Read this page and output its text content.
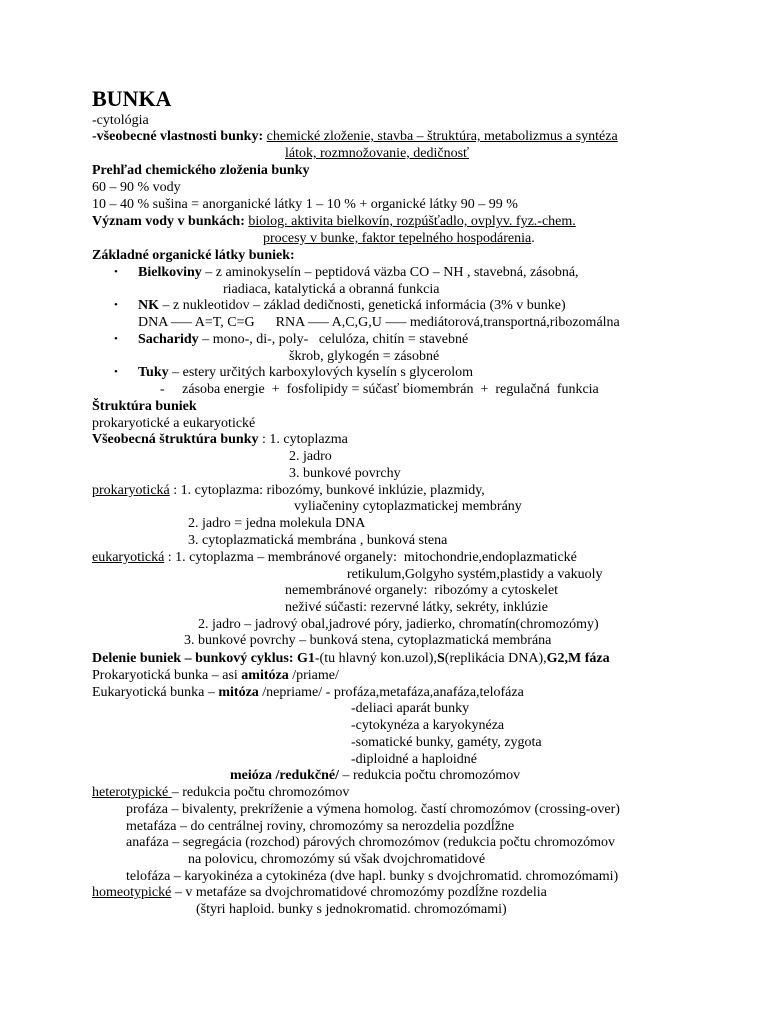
BUNKA
-cytológia
-všeobecné vlastnosti bunky: chemické zloženie, stavba – štruktúra, metabolizmus a syntéza
látok, rozmnožovanie, dedičnosť
Prehľad chemického zloženia bunky
60 – 90 % vody
10 – 40 % sušina = anorganické látky 1 – 10 % + organické látky 90 – 99 %
Význam vody v bunkách: biolog. aktivita bielkovín, rozpúšťadlo, ovplyv. fyz.-chem.
procesy v bunke, faktor tepelného hospodárenia.
Základné organické látky buniek:
• Bielkoviny – z aminokyselín – peptidová väzba CO – NH , stavebná, zásobná,
riadiaca, katalytická a obranná funkcia
• NK – z nukleotidov – základ dedičnosti, genetická informácia (3% v bunke)
DNA ––– A=T, C=G      RNA ––– A,C,G,U ––– mediátorová,transportná,ribozomálna
• Sacharidy – mono-, di-, poly-   celulóza, chitín = stavebné
škrob, glykogén = zásobné
• Tuky – estery určitých karboxylových kyselín s glycerolom
-     zásoba energie  +  fosfolipidy = súčasť biomembrán  +  regulačná  funkcia
Štruktúra buniek
prokaryotické a eukaryotické
Všeobecná štruktúra bunky : 1. cytoplazma
2. jadro
3. bunkové povrchy
prokaryotická : 1. cytoplazma: ribozómy, bunkové inklúzie, plazmidy,
vyliačeniny cytoplazmatickej membrány
2. jadro = jedna molekula DNA
3. cytoplazmatická membrána , bunková stena
eukaryotická : 1. cytoplazma – membránové organely:  mitochondrie,endoplazmatické
retikulum,Golgyho systém,plastidy a vakuoly
nemembránové organely:  ribozómy a cytoskelet
neživé súčasti: rezervné látky, sekréty, inklúzie
2. jadro – jadrový obal,jadrové póry, jadierko, chromatín(chromozómy)
3. bunkové povrchy – bunková stena, cytoplazmatická membrána
Delenie buniek – bunkový cyklus: G1-(tu hlavný kon.uzol),S(replikácia DNA),G2,M fáza
Prokaryotická bunka – asi amitóza /priame/
Eukaryotická bunka – mitóza /nepriame/ - profáza,metafáza,anafáza,telofáza
-deliaci aparát bunky
-cytokynéza a karyokynéza
-somatické bunky, gaméty, zygota
-diploidné a haploidné
meióza /redukčné/ – redukcia počtu chromozómov
heterotypické – redukcia počtu chromozómov
profáza – bivalenty, prekríženie a výmena homolog. častí chromozómov (crossing-over)
metafáza – do centrálnej roviny, chromozómy sa nerozdelia pozdĺžne
anafáza – segregácia (rozchod) párových chromozómov (redukcia počtu chromozómov
na polovicu, chromozómy sú však dvojchromatidové
telofáza – karyokinéza a cytokinéza (dve hapl. bunky s dvojchromatid. chromozómami)
homeotypické – v metafáze sa dvojchromatidové chromozómy pozdĺžne rozdelia
(štyri haploid. bunky s jednokromatid. chromozómami)
